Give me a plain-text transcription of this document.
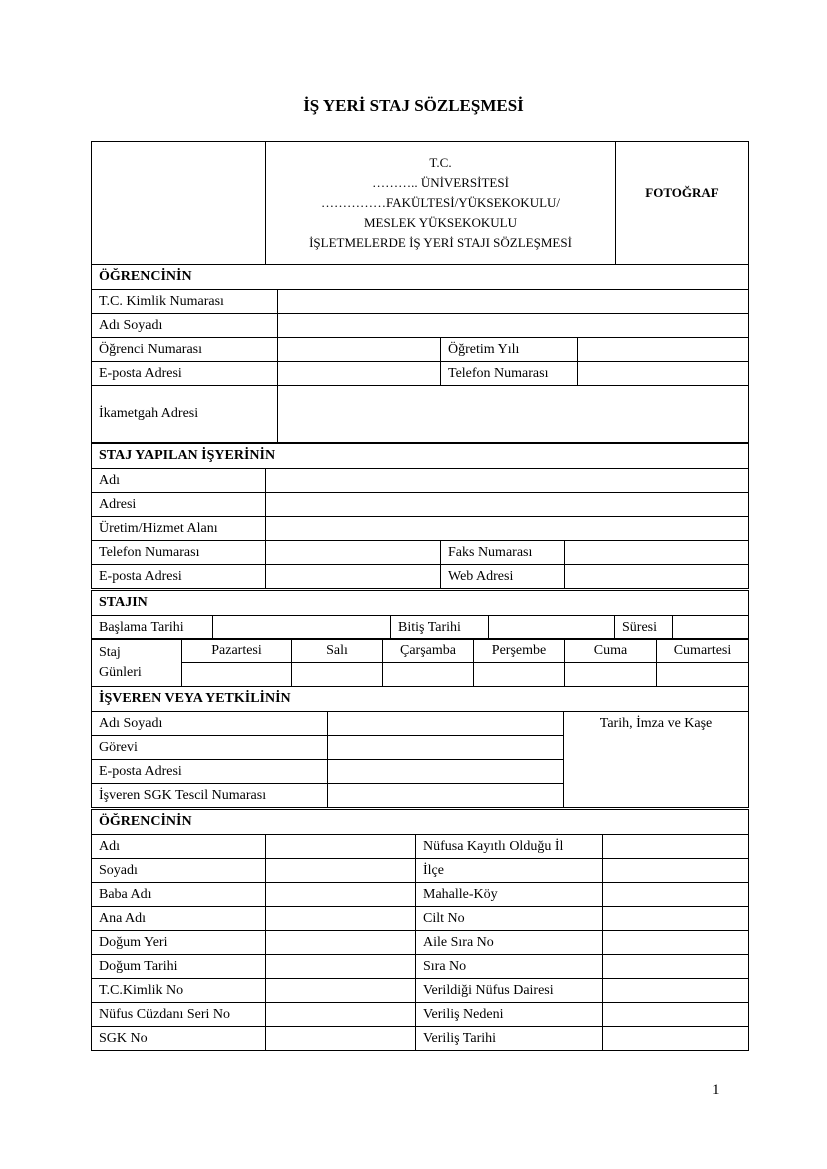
İŞ YERİ STAJ SÖZLEŞMESİ

T.C.
……….. ÜNİVERSİTESİ
……………FAKÜLTESİ/YÜKSEKOKULU/
MESLEK YÜKSEKOKULU
İŞLETMELERDE İŞ YERİ STAJI SÖZLEŞMESİ
	FOTOĞRAF
ÖĞRENCİNİN			
T.C. Kimlik Numarası			
Adı Soyadı			
Öğrenci Numarası		Öğretim Yılı	
E-posta Adresi		Telefon Numarası	
İkametgah Adresi			
STAJ YAPILAN İŞYERİNİN			
Adı			
Adresi			
Üretim/Hizmet Alanı			
Telefon Numarası		Faks Numarası	
E-posta Adresi		Web Adresi	
STAJIN
Başlama Tarihi		Bitiş Tarihi		Süresi	
Staj
Günleri	Pazartesi	Salı	Çarşamba	Perşembe	Cuma	Cumartesi

İŞVEREN VEYA YETKİLİNİN		
Adı Soyadı		Tarih, İmza ve Kaşe
Görevi		
E-posta Adresi		
İşveren SGK Tescil Numarası		
ÖĞRENCİNİN			
Adı		Nüfusa Kayıtlı Olduğu İl	
Soyadı		İlçe	
Baba Adı		Mahalle-Köy	
Ana Adı		Cilt No	
Doğum Yeri		Aile Sıra No	
Doğum Tarihi		Sıra No	
T.C.Kimlik No		Verildiği Nüfus Dairesi	
Nüfus Cüzdanı Seri No		Veriliş Nedeni	
SGK No		Veriliş Tarihi	
1
